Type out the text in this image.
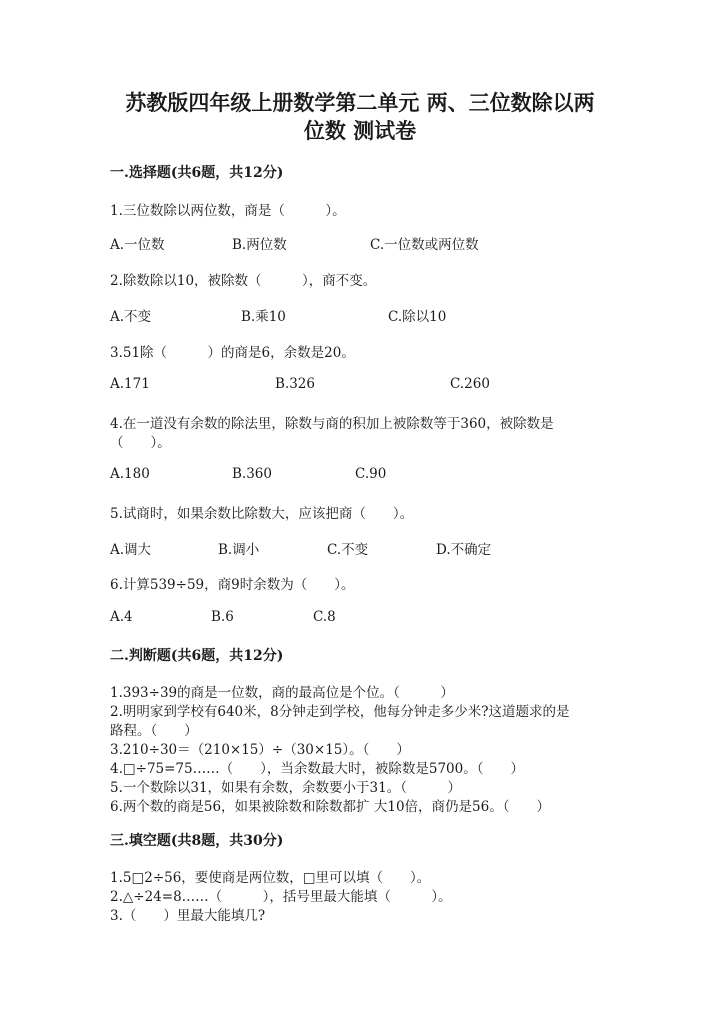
苏教版四年级上册数学第二单元 两、三位数除以两
位数 测试卷
一.选择题(共6题，共12分)
1.三位数除以两位数，商是（　　　）。
A.一位数	B.两位数	C.一位数或两位数
2.除数除以10，被除数（　　　），商不变。
A.不变	B.乘10	C.除以10
3.51除（　　　）的商是6，余数是20。
A.171	B.326	C.260
4.在一道没有余数的除法里，除数与商的积加上被除数等于360，被除数是
（　　）。
A.180	B.360	C.90
5.试商时，如果余数比除数大，应该把商（　　）。
A.调大	B.调小	C.不变	D.不确定
6.计算539÷59，商9时余数为（　　）。
A.4	B.6	C.8
二.判断题(共6题，共12分)
1.393÷39的商是一位数，商的最高位是个位。（　　　）
2.明明家到学校有640米，8分钟走到学校，他每分钟走多少米?这道题求的是
路程。（　　）
3.210÷30＝（210×15）÷（30×15）。（　　）
4.□÷75=75……（　　），当余数最大时，被除数是5700。（　　）
5.一个数除以31，如果有余数，余数要小于31。（　　　）
6.两个数的商是56，如果被除数和除数都扩 大10倍，商仍是56。（　　）
三.填空题(共8题，共30分)
1.5□2÷56，要使商是两位数，□里可以填（　　）。
2.△÷24=8……（　　　），括号里最大能填（　　　）。
3.（　　）里最大能填几?
